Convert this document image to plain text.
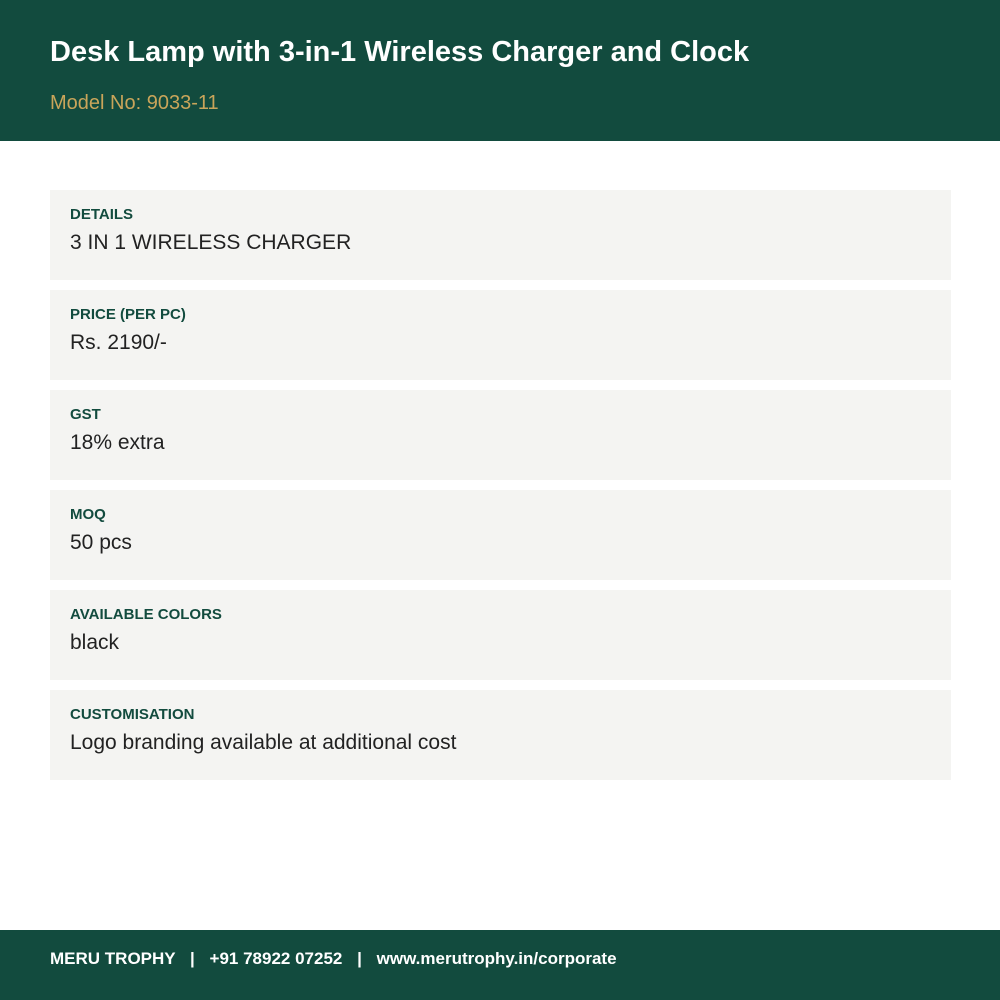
Desk Lamp with 3-in-1 Wireless Charger and Clock
Model No: 9033-11
DETAILS
3 IN 1 WIRELESS CHARGER
PRICE (PER PC)
Rs. 2190/-
GST
18% extra
MOQ
50 pcs
AVAILABLE COLORS
black
CUSTOMISATION
Logo branding available at additional cost
MERU TROPHY | +91 78922 07252 | www.merutrophy.in/corporate
